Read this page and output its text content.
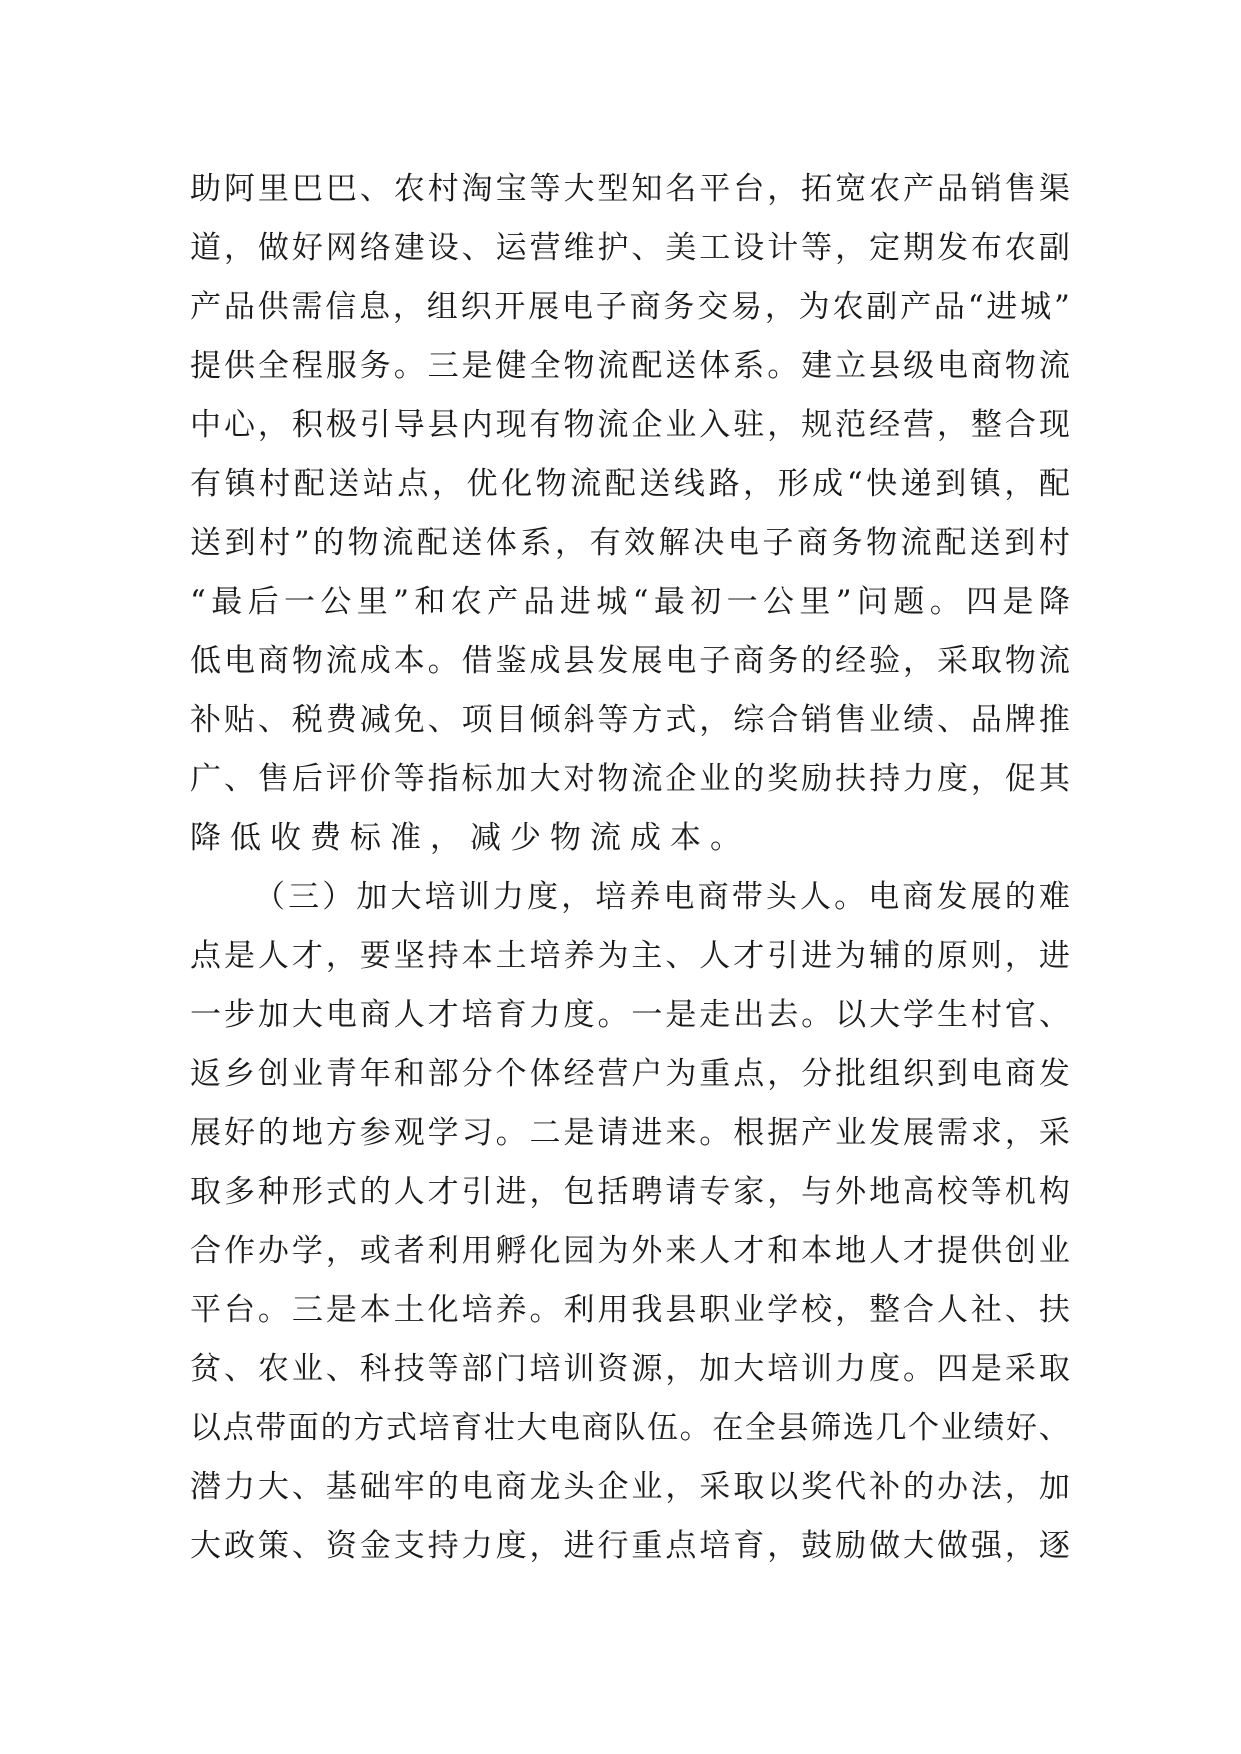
助 阿 里 巴 巴 、 农 村 淘 宝 等 大 型 知 名 平 台 ， 拓 宽 农 产 品 销 售 渠
道 ， 做 好 网 络 建 设 、 运 营 维 护 、 美 工 设 计 等 ， 定 期 发 布 农 副
产 品 供 需 信 息 ， 组 织 开 展 电 子 商 务 交 易 ， 为 农 副 产 品 “ 进 城 ”
提 供 全 程 服 务 。 三 是 健 全 物 流 配 送 体 系 。 建 立 县 级 电 商 物 流
中 心 ， 积 极 引 导 县 内 现 有 物 流 企 业 入 驻 ， 规 范 经 营 ， 整 合 现
有 镇 村 配 送 站 点 ， 优 化 物 流 配 送 线 路 ， 形 成 “ 快 递 到 镇 ， 配
送 到 村 ” 的 物 流 配 送 体 系 ， 有 效 解 决 电 子 商 务 物 流 配 送 到 村
“ 最 后 一 公 里 ” 和 农 产 品 进 城 “ 最 初 一 公 里 ” 问 题 。 四 是 降
低 电 商 物 流 成 本 。 借 鉴 成 县 发 展 电 子 商 务 的 经 验 ， 采 取 物 流
补 贴 、 税 费 减 免 、 项 目 倾 斜 等 方 式 ， 综 合 销 售 业 绩 、 品 牌 推
广 、 售 后 评 价 等 指 标 加 大 对 物 流 企 业 的 奖 励 扶 持 力 度 ， 促 其
降低收费标准，减少物流成本。
（ 三 ） 加 大 培 训 力 度 ， 培 养 电 商 带 头 人 。 电 商 发 展 的 难
点 是 人 才 ， 要 坚 持 本 土 培 养 为 主 、 人 才 引 进 为 辅 的 原 则 ， 进
一 步 加 大 电 商 人 才 培 育 力 度 。 一 是 走 出 去 。 以 大 学 生 村 官 、
返 乡 创 业 青 年 和 部 分 个 体 经 营 户 为 重 点 ， 分 批 组 织 到 电 商 发
展 好 的 地 方 参 观 学 习 。 二 是 请 进 来 。 根 据 产 业 发 展 需 求 ， 采
取 多 种 形 式 的 人 才 引 进 ， 包 括 聘 请 专 家 ， 与 外 地 高 校 等 机 构
合 作 办 学 ， 或 者 利 用 孵 化 园 为 外 来 人 才 和 本 地 人 才 提 供 创 业
平 台 。 三 是 本 土 化 培 养 。 利 用 我 县 职 业 学 校 ， 整 合 人 社 、 扶
贫 、 农 业 、 科 技 等 部 门 培 训 资 源 ， 加 大 培 训 力 度 。 四 是 采 取
以 点 带 面 的 方 式 培 育 壮 大 电 商 队 伍 。 在 全 县 筛 选 几 个 业 绩 好 、
潜 力 大 、 基 础 牢 的 电 商 龙 头 企 业 ， 采 取 以 奖 代 补 的 办 法 ， 加
大 政 策 、 资 金 支 持 力 度 ， 进 行 重 点 培 育 ， 鼓 励 做 大 做 强 ， 逐
